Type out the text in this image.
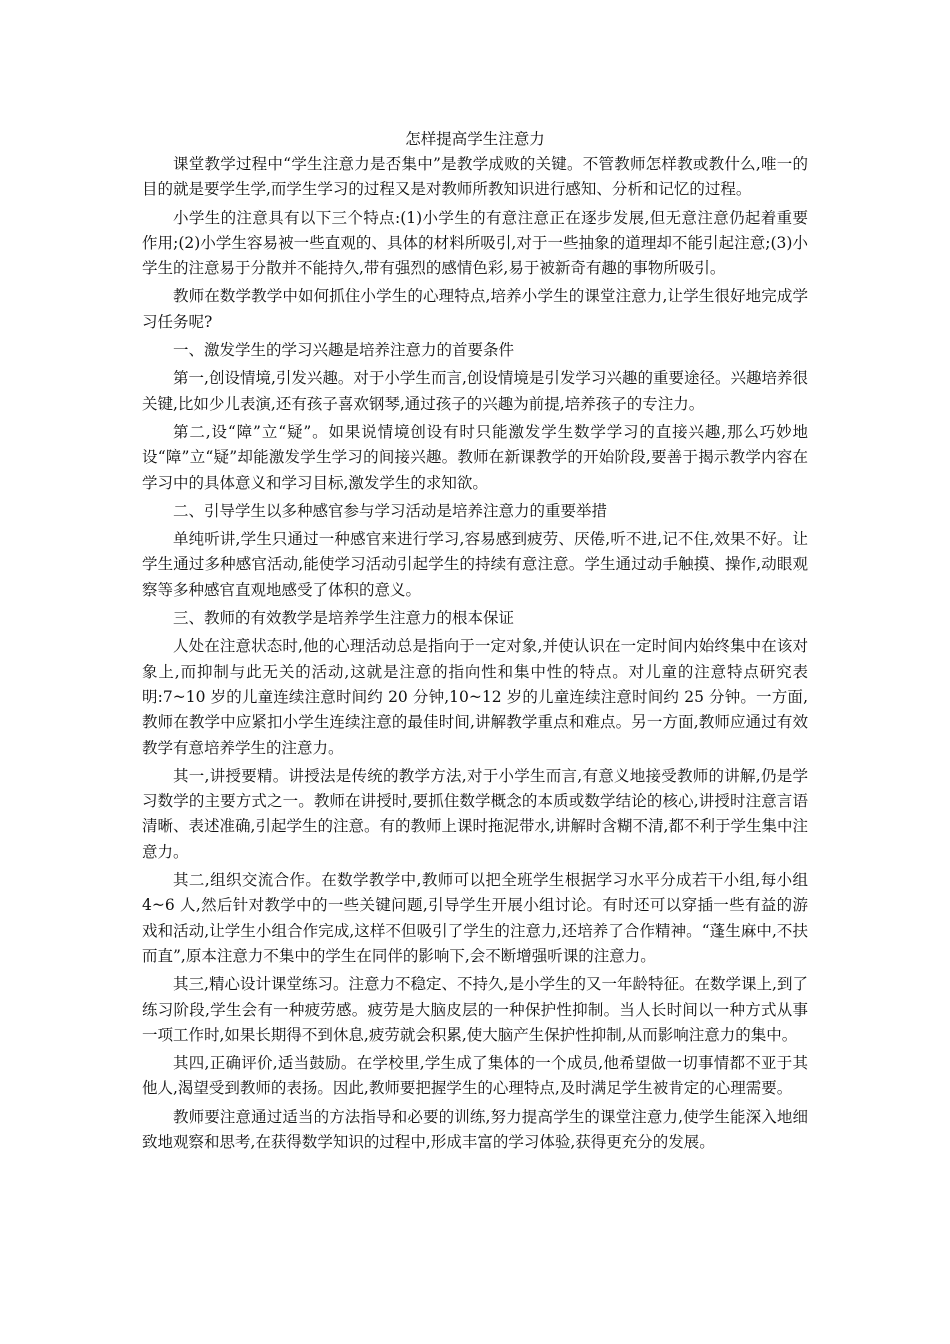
怎样提高学生注意力

课堂教学过程中“学生注意力是否集中”是教学成败的关键。不管教师怎样教或教什么,唯一的目的就是要学生学,而学生学习的过程又是对教师所教知识进行感知、分析和记忆的过程。

小学生的注意具有以下三个特点:(1)小学生的有意注意正在逐步发展,但无意注意仍起着重要作用;(2)小学生容易被一些直观的、具体的材料所吸引,对于一些抽象的道理却不能引起注意;(3)小学生的注意易于分散并不能持久,带有强烈的感情色彩,易于被新奇有趣的事物所吸引。

教师在数学教学中如何抓住小学生的心理特点,培养小学生的课堂注意力,让学生很好地完成学习任务呢?

一、激发学生的学习兴趣是培养注意力的首要条件

第一,创设情境,引发兴趣。对于小学生而言,创设情境是引发学习兴趣的重要途径。兴趣培养很关键,比如少儿表演,还有孩子喜欢钢琴,通过孩子的兴趣为前提,培养孩子的专注力。

第二,设“障”立“疑”。如果说情境创设有时只能激发学生数学学习的直接兴趣,那么巧妙地设“障”立“疑”却能激发学生学习的间接兴趣。教师在新课教学的开始阶段,要善于揭示教学内容在学习中的具体意义和学习目标,激发学生的求知欲。

二、引导学生以多种感官参与学习活动是培养注意力的重要举措

单纯听讲,学生只通过一种感官来进行学习,容易感到疲劳、厌倦,听不进,记不住,效果不好。让学生通过多种感官活动,能使学习活动引起学生的持续有意注意。学生通过动手触摸、操作,动眼观察等多种感官直观地感受了体积的意义。

三、教师的有效教学是培养学生注意力的根本保证

人处在注意状态时,他的心理活动总是指向于一定对象,并使认识在一定时间内始终集中在该对象上,而抑制与此无关的活动,这就是注意的指向性和集中性的特点。对儿童的注意特点研究表明:7~10 岁的儿童连续注意时间约 20 分钟,10~12 岁的儿童连续注意时间约 25 分钟。一方面,教师在教学中应紧扣小学生连续注意的最佳时间,讲解教学重点和难点。另一方面,教师应通过有效教学有意培养学生的注意力。

其一,讲授要精。讲授法是传统的教学方法,对于小学生而言,有意义地接受教师的讲解,仍是学习数学的主要方式之一。教师在讲授时,要抓住数学概念的本质或数学结论的核心,讲授时注意言语清晰、表述准确,引起学生的注意。有的教师上课时拖泥带水,讲解时含糊不清,都不利于学生集中注意力。

其二,组织交流合作。在数学教学中,教师可以把全班学生根据学习水平分成若干小组,每小组 4~6 人,然后针对教学中的一些关键问题,引导学生开展小组讨论。有时还可以穿插一些有益的游戏和活动,让学生小组合作完成,这样不但吸引了学生的注意力,还培养了合作精神。“蓬生麻中,不扶而直”,原本注意力不集中的学生在同伴的影响下,会不断增强听课的注意力。

其三,精心设计课堂练习。注意力不稳定、不持久,是小学生的又一年龄特征。在数学课上,到了练习阶段,学生会有一种疲劳感。疲劳是大脑皮层的一种保护性抑制。当人长时间以一种方式从事一项工作时,如果长期得不到休息,疲劳就会积累,使大脑产生保护性抑制,从而影响注意力的集中。

其四,正确评价,适当鼓励。在学校里,学生成了集体的一个成员,他希望做一切事情都不亚于其他人,渴望受到教师的表扬。因此,教师要把握学生的心理特点,及时满足学生被肯定的心理需要。

教师要注意通过适当的方法指导和必要的训练,努力提高学生的课堂注意力,使学生能深入地细致地观察和思考,在获得数学知识的过程中,形成丰富的学习体验,获得更充分的发展。
